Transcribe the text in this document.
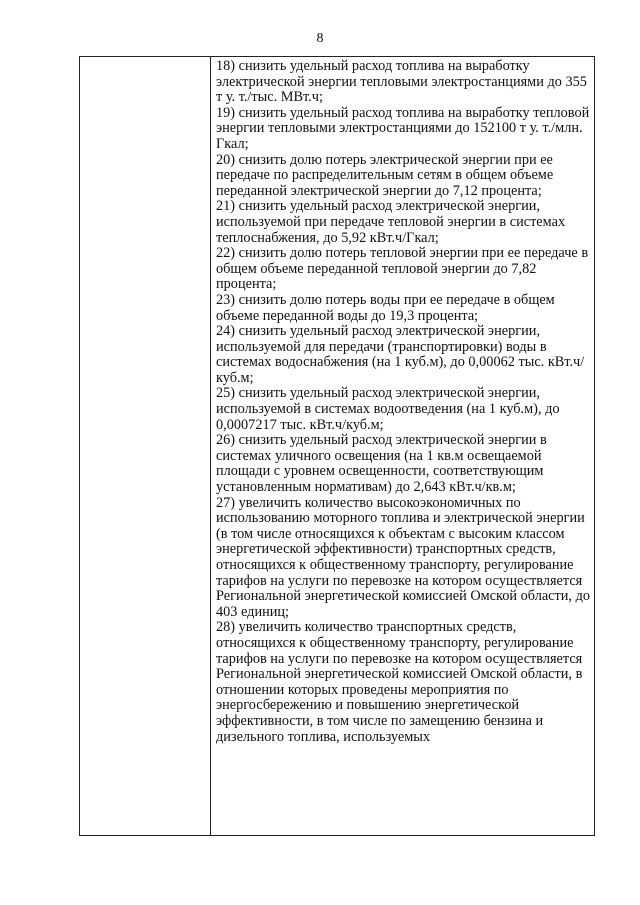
8

18) снизить удельный расход топлива на выработку электрической энергии тепловыми электростанциями до 355 т у. т./тыс. МВт.ч;

19) снизить удельный расход топлива на выработку тепловой энергии тепловыми электростанциями до 152100 т у. т./млн. Гкал;

20) снизить долю потерь электрической энергии при ее передаче по распределительным сетям в общем объеме переданной электрической энергии до 7,12 процента;

21) снизить удельный расход электрической энергии, используемой при передаче тепловой энергии в системах теплоснабжения, до 5,92 кВт.ч/Гкал;

22) снизить долю потерь тепловой энергии при ее передаче в общем объеме переданной тепловой энергии до 7,82 процента;

23) снизить долю потерь воды при ее передаче в общем объеме переданной воды до 19,3 процента;

24) снизить удельный расход электрической энергии, используемой для передачи (транспортировки) воды в системах водоснабжения (на 1 куб.м), до 0,00062 тыс. кВт.ч/куб.м;

25) снизить удельный расход электрической энергии, используемой в системах водоотведения (на 1 куб.м), до 0,0007217 тыс. кВт.ч/куб.м;

26) снизить удельный расход электрической энергии в системах уличного освещения (на 1 кв.м освещаемой площади с уровнем освещенности, соответствующим установленным нормативам) до 2,643 кВт.ч/кв.м;

27) увеличить количество высокоэкономичных по использованию моторного топлива и электрической энергии (в том числе относящихся к объектам с высоким классом энергетической эффективности) транспортных средств, относящихся к общественному транспорту, регулирование тарифов на услуги по перевозке на котором осуществляется Региональной энергетической комиссией Омской области, до 403 единиц;

28) увеличить количество транспортных средств, относящихся к общественному транспорту, регулирование тарифов на услуги по перевозке на котором осуществляется Региональной энергетической комиссией Омской области, в отношении которых проведены мероприятия по энергосбережению и повышению энергетической эффективности, в том числе по замещению бензина и дизельного топлива, используемых
